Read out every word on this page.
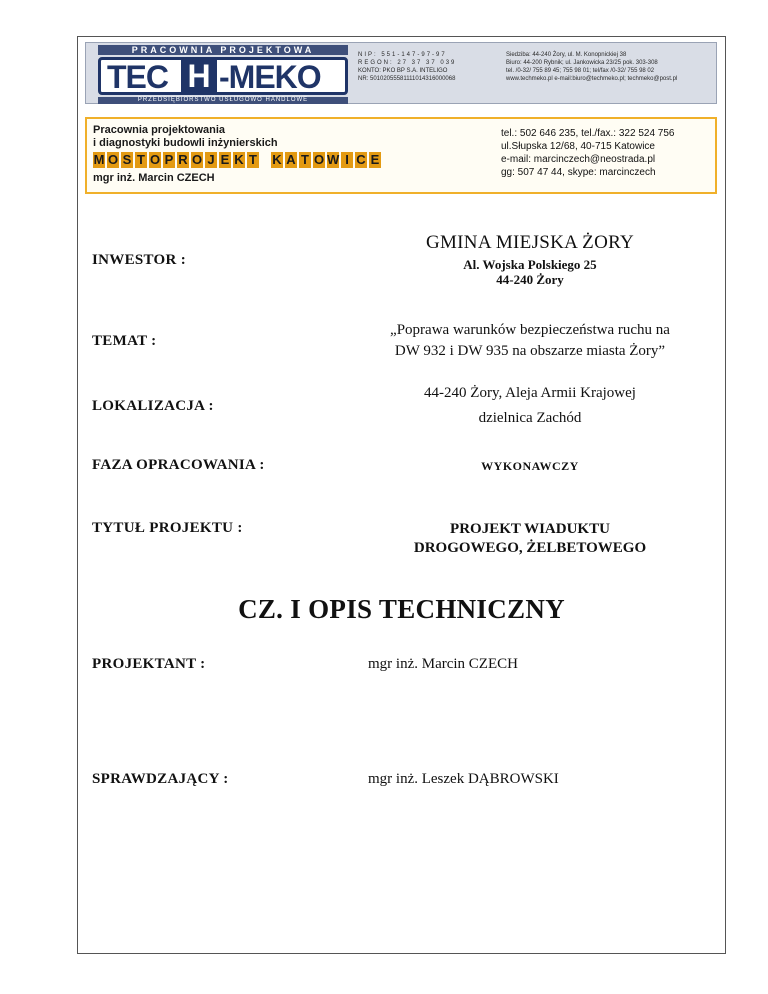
PRACOWNIA PROJEKTOWA
TEC H -MEKO
PRZEDSIĘBIORSTWO USŁUGOWO HANDLOWE
NIP: 551-147-97-97
REGON: 27 37 37 039
KONTO: PKO BP S.A. INTELIGO
NR: 50102055581111014316000068
Siedziba: 44-240 Żory, ul. M. Konopnickiej 38
Biuro: 44-200 Rybnik; ul. Jankowicka 23/25 pok. 303-308
tel. /0-32/ 755 89 45; 755 98 01; tel/fax /0-32/ 755 98 02
www.techmeko.pl e-mail:biuro@techmeko.pl; techmeko@post.pl
Pracownia projektowania
i diagnostyki budowli inżynierskich
M O S T O P R O J E K T K A T O W I C E
mgr inż. Marcin CZECH
tel.: 502 646 235, tel./fax.: 322 524 756
ul.Słupska 12/68, 40-715 Katowice
e-mail: marcinczech@neostrada.pl
gg: 507 47 44, skype: marcinczech
INWESTOR :
GMINA MIEJSKA ŻORY
Al. Wojska Polskiego 25
44-240 Żory
TEMAT :
„Poprawa warunków bezpieczeństwa ruchu na
DW 932 i DW 935 na obszarze miasta Żory”
LOKALIZACJA :
44-240 Żory, Aleja Armii Krajowej
dzielnica Zachód
FAZA OPRACOWANIA :	WYKONAWCZY
TYTUŁ PROJEKTU :	PROJEKT WIADUKTU
DROGOWEGO, ŻELBETOWEGO
CZ. I OPIS TECHNICZNY
PROJEKTANT :	mgr inż. Marcin CZECH
SPRAWDZAJĄCY :	mgr inż. Leszek DĄBROWSKI
